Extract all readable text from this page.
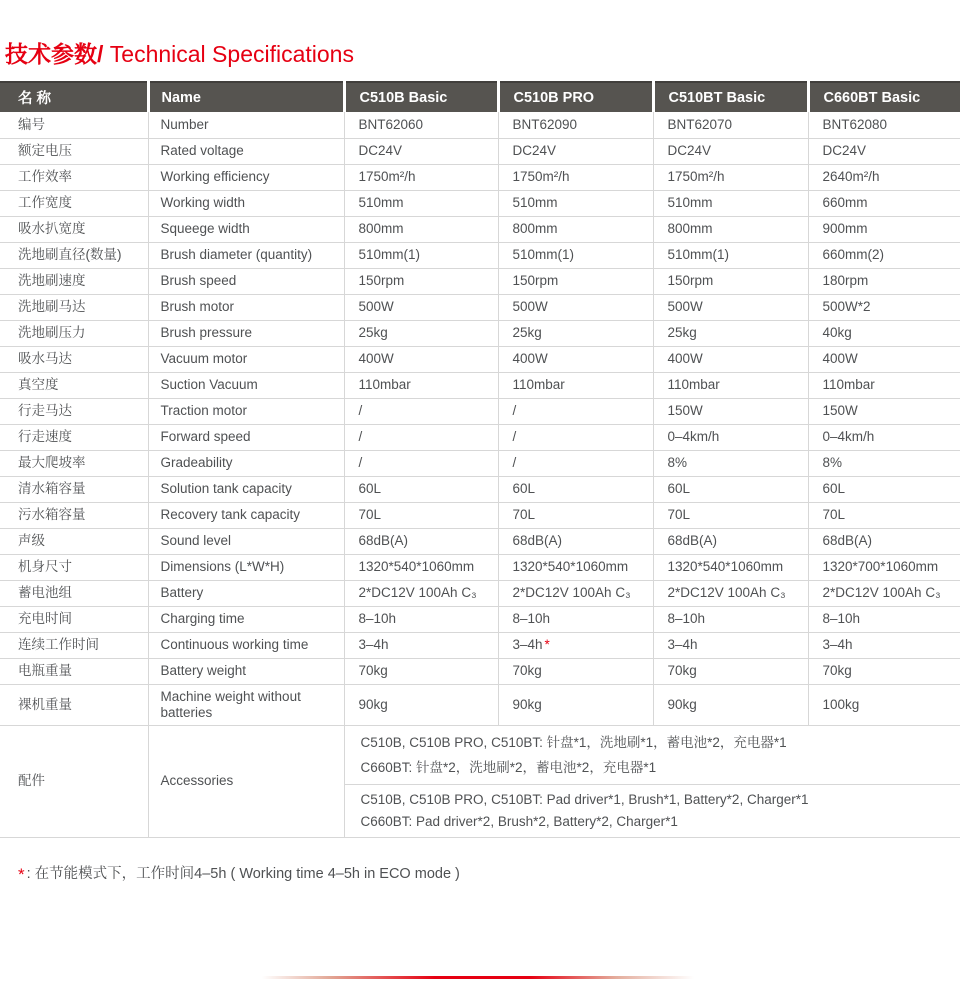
技术参数/ Technical Specifications
名 称	Name	C510B Basic	C510B PRO	C510BT Basic	C660BT Basic
编号	Number	BNT62060	BNT62090	BNT62070	BNT62080
额定电压	Rated voltage	DC24V	DC24V	DC24V	DC24V
工作效率	Working efficiency	1750m²/h	1750m²/h	1750m²/h	2640m²/h
工作宽度	Working width	510mm	510mm	510mm	660mm
吸水扒宽度	Squeege width	800mm	800mm	800mm	900mm
洗地刷直径(数量)	Brush diameter (quantity)	510mm(1)	510mm(1)	510mm(1)	660mm(2)
洗地刷速度	Brush speed	150rpm	150rpm	150rpm	180rpm
洗地刷马达	Brush motor	500W	500W	500W	500W*2
洗地刷压力	Brush pressure	25kg	25kg	25kg	40kg
吸水马达	Vacuum motor	400W	400W	400W	400W
真空度	Suction Vacuum	110mbar	110mbar	110mbar	110mbar
行走马达	Traction motor	/	/	150W	150W
行走速度	Forward speed	/	/	0–4km/h	0–4km/h
最大爬坡率	Gradeability	/	/	8%	8%
清水箱容量	Solution tank capacity	60L	60L	60L	60L
污水箱容量	Recovery tank capacity	70L	70L	70L	70L
声级	Sound level	68dB(A)	68dB(A)	68dB(A)	68dB(A)
机身尺寸	Dimensions (L*W*H)	1320*540*1060mm	1320*540*1060mm	1320*540*1060mm	1320*700*1060mm
蓄电池组	Battery	2*DC12V 100Ah C₃	2*DC12V 100Ah C₃	2*DC12V 100Ah C₃	2*DC12V 100Ah C₃
充电时间	Charging time	8–10h	8–10h	8–10h	8–10h
连续工作时间	Continuous working time	3–4h	3–4h *	3–4h	3–4h
电瓶重量	Battery weight	70kg	70kg	70kg	70kg
裸机重量	Machine weight without batteries	90kg	90kg	90kg	100kg
配件	Accessories	C510B, C510B PRO, C510BT: 针盘*1，洗地刷*1，蓄电池*2，充电器*1
C660BT: 针盘*2，洗地刷*2，蓄电池*2，充电器*1
C510B, C510B PRO, C510BT: Pad driver*1, Brush*1, Battery*2, Charger*1
C660BT: Pad driver*2, Brush*2, Battery*2, Charger*1			
* : 在节能模式下，工作时间4–5h ( Working time 4–5h in ECO mode )
